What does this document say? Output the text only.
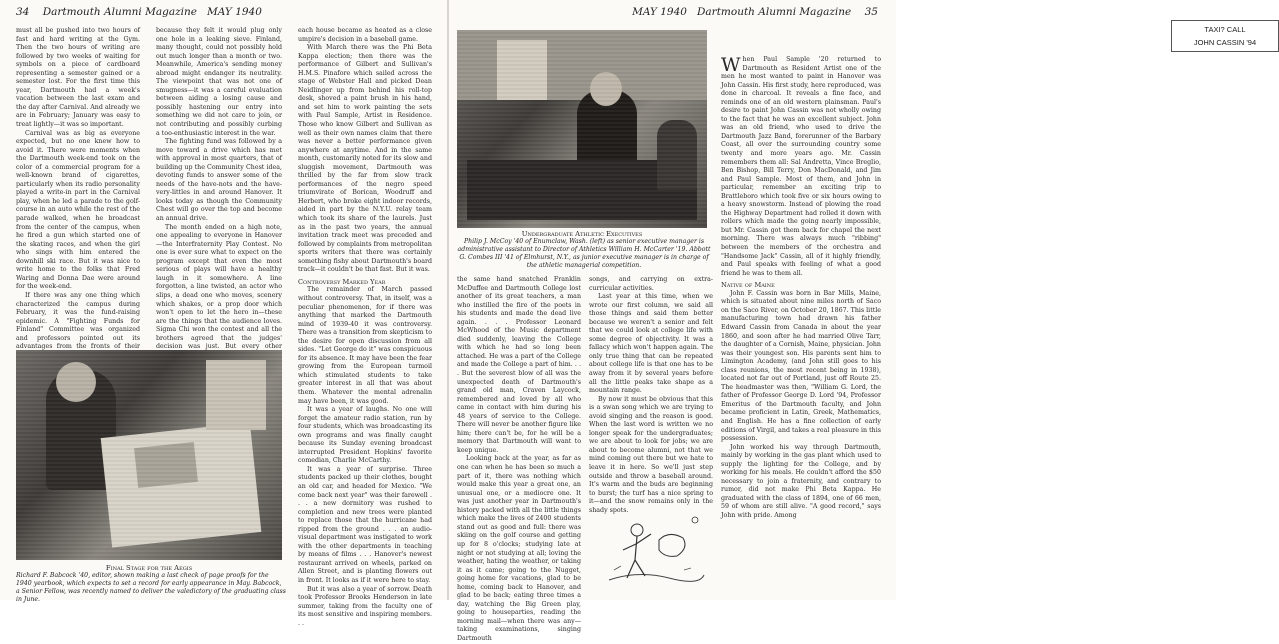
34 Dartmouth Alumni Magazine MAY 1940

must all be pushed into two hours of fast and hard writing at the Gym. Then the two hours of writing are followed by two weeks of waiting for symbols on a piece of cardboard representing a semester gained or a semester lost. For the first time this year, Dartmouth had a week's vacation between the last exam and the day after Carnival. And already we are in February; January was easy to treat lightly—it was so important.

Carnival was as big as everyone expected, but no one knew how to avoid it. There were moments when the Dartmouth week-end took on the color of a commercial program for a well-known brand of cigarettes, particularly when its radio personality played a write-in part in the Carnival play, when he led a parade to the golf-course in an auto while the rest of the parade walked, when he broadcast from the center of the campus, when he fired a gun which started one of the skating races, and when the girl who sings with him entered the downhill ski race. But it was nice to write home to the folks that Fred Waring and Donna Dae were around for the week-end.

If there was any one thing which characterized the campus during February, it was the fund-raising epidemic. A "Fighting Funds for Finland" Committee was organized and professors pointed out its advantages from the fronts of their

because they felt it would plug only one hole in a leaking sieve. Finland, many thought, could not possibly hold out much longer than a month or two. Meanwhile, America's sending money abroad might endanger its neutrality. The viewpoint that was not one of smugness—it was a careful evaluation between aiding a losing cause and possibly hastening our entry into something we did not care to join, or not contributing and possibly curbing a too-enthusiastic interest in the war.

The fighting fund was followed by a move toward a drive which has met with approval in most quarters, that of building up the Community Chest idea, devoting funds to answer some of the needs of the have-nots and the have-very-littles in and around Hanover. It looks today as though the Community Chest will go over the top and become an annual drive.

The month ended on a high note, one appealing to everyone in Hanover—the Interfraternity Play Contest. No one is ever sure what to expect on the program except that even the most serious of plays will have a healthy laugh in it somewhere. A line forgotten, a line twisted, an actor who slips, a dead one who moves, scenery which shakes, or a prop door which won't open to let the hero in—these are the things that the audience loves. Sigma Chi won the contest and all the brothers agreed that the judges' decision was just. But every other

each house became as heated as a close umpire's decision in a baseball game.

With March there was the Phi Beta Kappa election; then there was the performance of Gilbert and Sullivan's H.M.S. Pinafore which sailed across the stage of Webster Hall and picked Dean Neidlinger up from behind his roll-top desk, shoved a paint brush in his hand, and set him to work painting the sets with Paul Sample, Artist in Residence. Those who know Gilbert and Sullivan as well as their own names claim that there was never a better performance given anywhere at anytime. And in the same month, customarily noted for its slow and sluggish movement, Dartmouth was thrilled by the far from slow track performances of the negro speed triumvirate of Borican, Woodruff and Herbert, who broke eight indoor records, aided in part by the N.Y.U. relay team which took its share of the laurels. Just as in the past two years, the annual invitation track meet was preceded and followed by complaints from metropolitan sports writers that there was certainly something fishy about Dartmouth's board track—it couldn't be that fast. But it was.

Controversy Marked Year

The remainder of March passed without controversy. That, in itself, was a peculiar phenomenon, for if there was anything that marked the Dartmouth mind of 1939-40 it was controversy. There was a transition from skepticism to the desire for open discussion from all sides. "Let George do it" was conspicuous for its absence. It may have been the fear growing from the European turmoil which stimulated students to take greater interest in all that was about them. Whatever the mental adrenalin may have been, it was good.

It was a year of laughs. No one will forget the amateur radio station, run by four students, which was broadcasting its own programs and was finally caught because its Sunday evening broadcast interrupted President Hopkins' favorite comedian, Charlie McCarthy.

It was a year of surprise. Three students packed up their clothes, bought an old car, and headed for Mexico. "We come back next year" was their farewell . . . a new dormitory was rushed to completion and new trees were planted to replace those that the hurricane had ripped from the ground . . . an audio-visual department was instigated to work with the other departments in teaching by means of films . . . Hanover's newest restaurant arrived on wheels, parked on Allen Street, and is planting flowers out in front. It looks as if it were here to stay.

But it was also a year of sorrow. Death took Professor Brooks Henderson in late summer, taking from the faculty one of its most sensitive and inspiring members. . .

Final Stage for the Aegis
Richard F. Babcock '40, editor, shown making a last check of page proofs for the 1940 yearbook, which expects to set a record for early appearance in May. Babcock, a Senior Fellow, was recently named to deliver the valedictory of the graduating class in June.
MAY 1940 Dartmouth Alumni Magazine 35
Undergraduate Athletic Executives
Philip J. McCoy '40 of Enumclaw, Wash. (left) as senior executive manager is administrative assistant to Director of Athletics William H. McCarter '19. Abbott G. Combes III '41 of Elmhurst, N.Y., as junior executive manager is in charge of the athletic managerial competition.

the same hand snatched Franklin McDuffee and Dartmouth College lost another of its great teachers, a man who instilled the fire of the poets in his students and made the dead live again. . . . Professor Leonard McWhood of the Music department died suddenly, leaving the College with which he had so long been attached. He was a part of the College and made the College a part of him. . . . But the severest blow of all was the unexpected death of Dartmouth's grand old man, Craven Laycock, remembered and loved by all who came in contact with him during his 48 years of service to the College. There will never be another figure like him; there can't be, for he will be a memory that Dartmouth will want to keep unique.

Looking back at the year, as far as one can when he has been so much a part of it, there was nothing which would make this year a great one, an unusual one, or a mediocre one. It was just another year in Dartmouth's history packed with all the little things which make the lives of 2400 students stand out as good and full: there was skiing on the golf course and getting up for 8 o'clocks; studying late at night or not studying at all; loving the weather, hating the weather, or taking it as it came; going to the Nugget, going home for vacations, glad to be home, coming back to Hanover, and glad to be back; eating three times a day, watching the Big Green play, going to houseparties, reading the morning mail—when there was any—taking examinations, singing Dartmouth

songs, and carrying on extra-curricular activities.

Last year at this time, when we wrote our first column, we said all those things and said them better because we weren't a senior and felt that we could look at college life with some degree of objectivity. It was a fallacy which won't happen again. The only true thing that can be repeated about college life is that one has to be away from it by several years before all the little peaks take shape as a mountain range.

By now it must be obvious that this is a swan song which we are trying to avoid singing and the reason is good. When the last word is written we no longer speak for the undergraduates; we are about to look for jobs; we are about to become alumni, not that we mind coming out there but we hate to leave it in here. So we'll just step outside and throw a baseball around. It's warm and the buds are beginning to burst; the turf has a nice spring to it—and the snow remains only in the shady spots.

TAXI? CALL
JOHN CASSIN '94

When Paul Sample '20 returned to Dartmouth as Resident Artist one of the men he most wanted to paint in Hanover was John Cassin. His first study, here reproduced, was done in charcoal. It reveals a fine face, and reminds one of an old western plainsman. Paul's desire to paint John Cassin was not wholly owing to the fact that he was an excellent subject. John was an old friend, who used to drive the Dartmouth Jazz Band, forerunner of the Barbary Coast, all over the surrounding country some twenty and more years ago. Mr. Cassin remembers them all: Sal Andretta, Vince Breglio, Ben Bishop, Bill Terry, Don MacDonald, and Jim and Paul Sample. Most of them, and John in particular, remember an exciting trip to Brattleboro which took five or six hours owing to a heavy snowstorm. Instead of plowing the road the Highway Department had rolled it down with rollers which made the going nearly impossible, but Mr. Cassin got them back for chapel the next morning. There was always much "ribbing" between the members of the orchestra and "Handsome Jack" Cassin, all of it highly friendly, and Paul speaks with feeling of what a good friend he was to them all.

Native of Maine

John F. Cassin was born in Bar Mills, Maine, which is situated about nine miles north of Saco on the Saco River, on October 20, 1867. This little manufacturing town had drawn his father Edward Cassin from Canada in about the year 1860, and soon after he had married Olive Tarr, the daughter of a Cornish, Maine, physician. John was their youngest son. His parents sent him to Limington Academy, (and John still goes to his class reunions, the most recent being in 1938), located not far out of Portland, just off Route 25. The headmaster was then, "William G. Lord, the father of Professor George D. Lord '94, Professor Emeritus of the Dartmouth faculty, and John became proficient in Latin, Greek, Mathematics, and English. He has a fine collection of early editions of Virgil, and takes a real pleasure in this possession.

John worked his way through Dartmouth, mainly by working in the gas plant which used to supply the lighting for the College, and by working for his meals. He couldn't afford the $50 necessary to join a fraternity, and contrary to rumor, did not make Phi Beta Kappa. He graduated with the class of 1894, one of 66 men, 59 of whom are still alive. "A good record," says John with pride. Among
